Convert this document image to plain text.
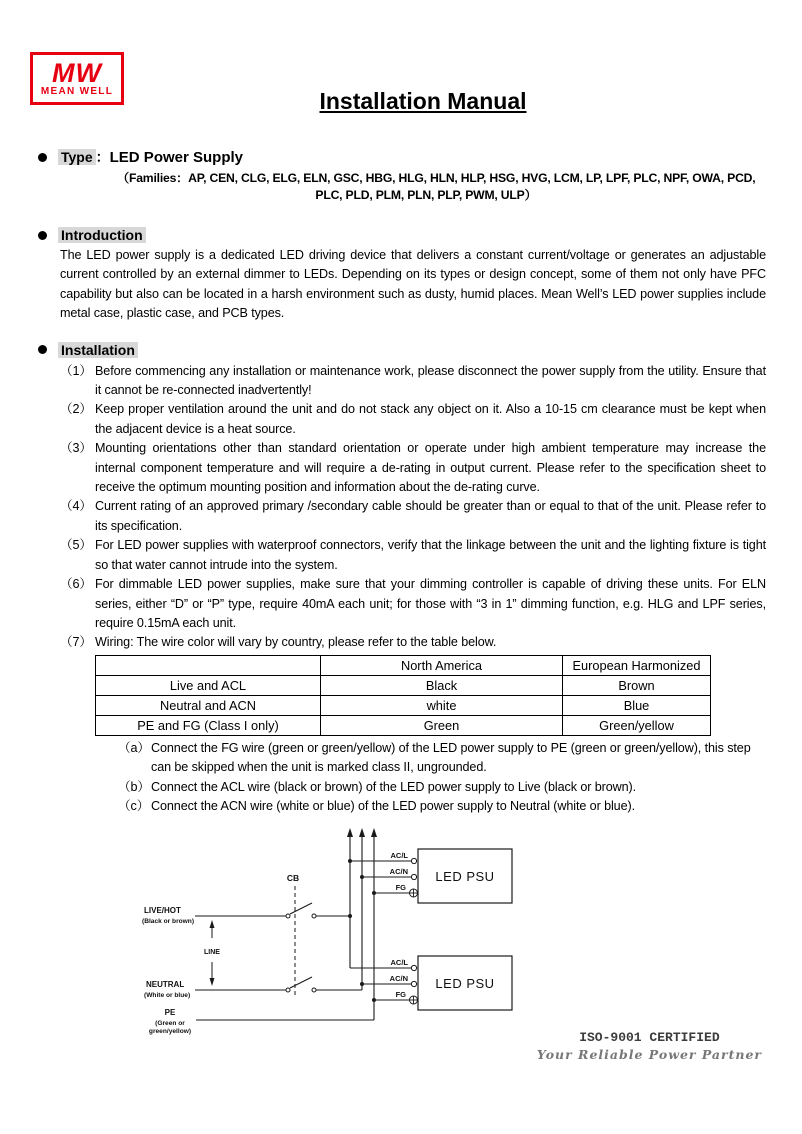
MW
MEAN WELL	Installation Manual
Type ：LED Power Supply
（Families：AP, CEN, CLG, ELG, ELN, GSC, HBG, HLG, HLN, HLP, HSG, HVG, LCM, LP, LPF, PLC, NPF, OWA, PCD,
PLC, PLD, PLM, PLN, PLP, PWM, ULP）
Introduction

The LED power supply is a dedicated LED driving device that delivers a constant current/voltage or generates an adjustable current controlled by an external dimmer to LEDs. Depending on its types or design concept, some of them not only have PFC capability but also can be located in a harsh environment such as dusty, humid places. Mean Well’s LED power supplies include metal case, plastic case, and PCB types.

Installation
（1） Before commencing any installation or maintenance work, please disconnect the power supply from the utility. Ensure that it cannot be re-connected inadvertently!
（2） Keep proper ventilation around the unit and do not stack any object on it. Also a 10-15 cm clearance must be kept when the adjacent device is a heat source.
（3） Mounting orientations other than standard orientation or operate under high ambient temperature may increase the internal component temperature and will require a de-rating in output current. Please refer to the specification sheet to receive the optimum mounting position and information about the de-rating curve.
（4） Current rating of an approved primary /secondary cable should be greater than or equal to that of the unit. Please refer to its specification.
（5） For LED power supplies with waterproof connectors, verify that the linkage between the unit and the lighting fixture is tight so that water cannot intrude into the system.
（6） For dimmable LED power supplies, make sure that your dimming controller is capable of driving these units. For ELN series, either “D” or “P” type, require 40mA each unit; for those with “3 in 1” dimming function, e.g. HLG and LPF series, require 0.15mA each unit.
（7） Wiring: The wire color will vary by country, please refer to the table below.
	North America	European Harmonized
Live and ACL	Black	Brown
Neutral and ACN	white	Blue
PE and FG (Class I only)	Green	Green/yellow
（a） Connect the FG wire (green or green/yellow) of the LED power supply to PE (green or green/yellow), this step can be skipped when the unit is marked class II, ungrounded.
（b） Connect the ACL wire (black or brown) of the LED power supply to Live (black or brown).
（c） Connect the ACN wire (white or blue) of the LED power supply to Neutral (white or blue).
CB
LIVE/HOT
(Black or brown)
LINE
NEUTRAL
(White or blue)
PE
(Green or
green/yellow)
AC/L
AC/N
FG
AC/L
AC/N
FG
LED PSU
LED PSU
ISO-9001 CERTIFIED
Your Reliable Power Partner
